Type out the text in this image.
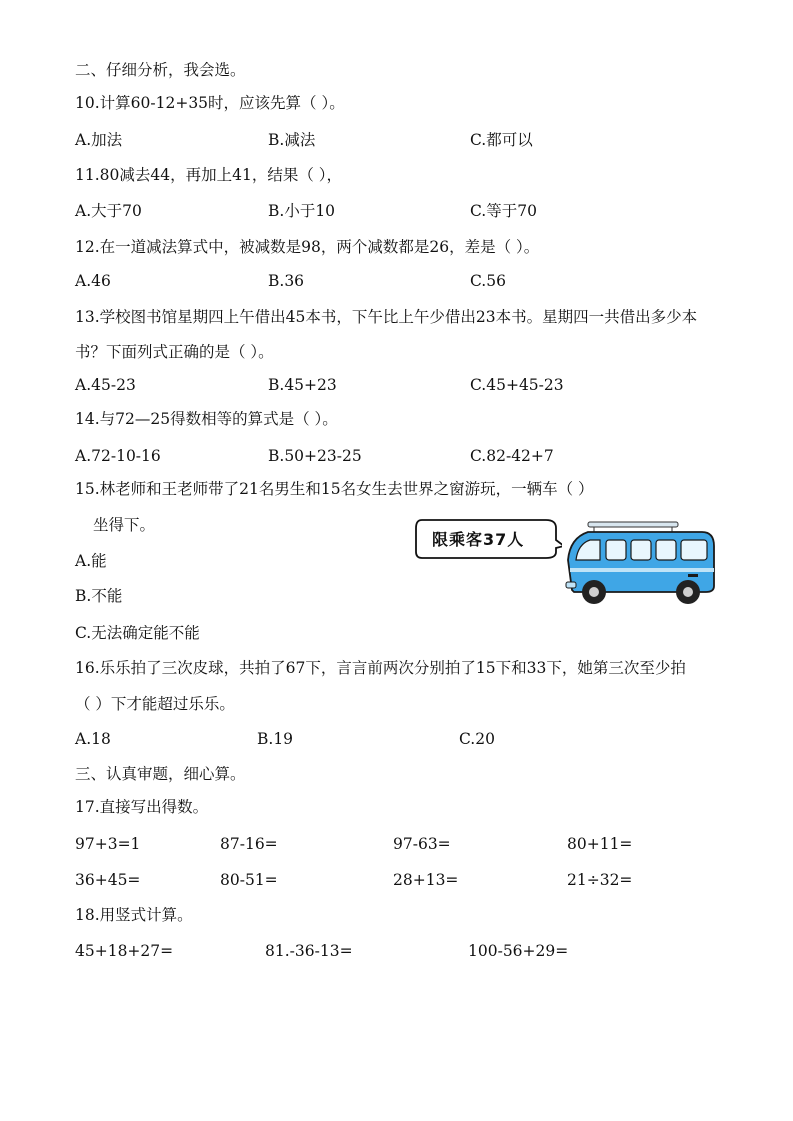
二、仔细分析，我会选。
10.计算60-12+35时，应该先算（ ）。
A.加法	B.减法	C.都可以
11.80减去44，再加上41，结果（ ），
A.大于70	B.小于10	C.等于70
12.在一道减法算式中，被减数是98，两个减数都是26，差是（ ）。
A.46	B.36	C.56
13.学校图书馆星期四上午借出45本书，下午比上午少借出23本书。星期四一共借出多少本
书？下面列式正确的是（ ）。
A.45-23	B.45+23	C.45+45-23
14.与72—25得数相等的算式是（ ）。
A.72-10-16	B.50+23-25	C.82-42+7
15.林老师和王老师带了21名男生和15名女生去世界之窗游玩，一辆车（ ）
坐得下。
A.能
B.不能
C.无法确定能不能
限乘客37人
16.乐乐拍了三次皮球，共拍了67下，言言前两次分别拍了15下和33下，她第三次至少拍
（ ）下才能超过乐乐。
A.18	B.19	C.20
三、认真审题，细心算。
17.直接写出得数。
97+3=1	87-16=	97-63=	80+11=
36+45=	80-51=	28+13=	21÷32=
18.用竖式计算。
45+18+27=	81.-36-13=	100-56+29=
